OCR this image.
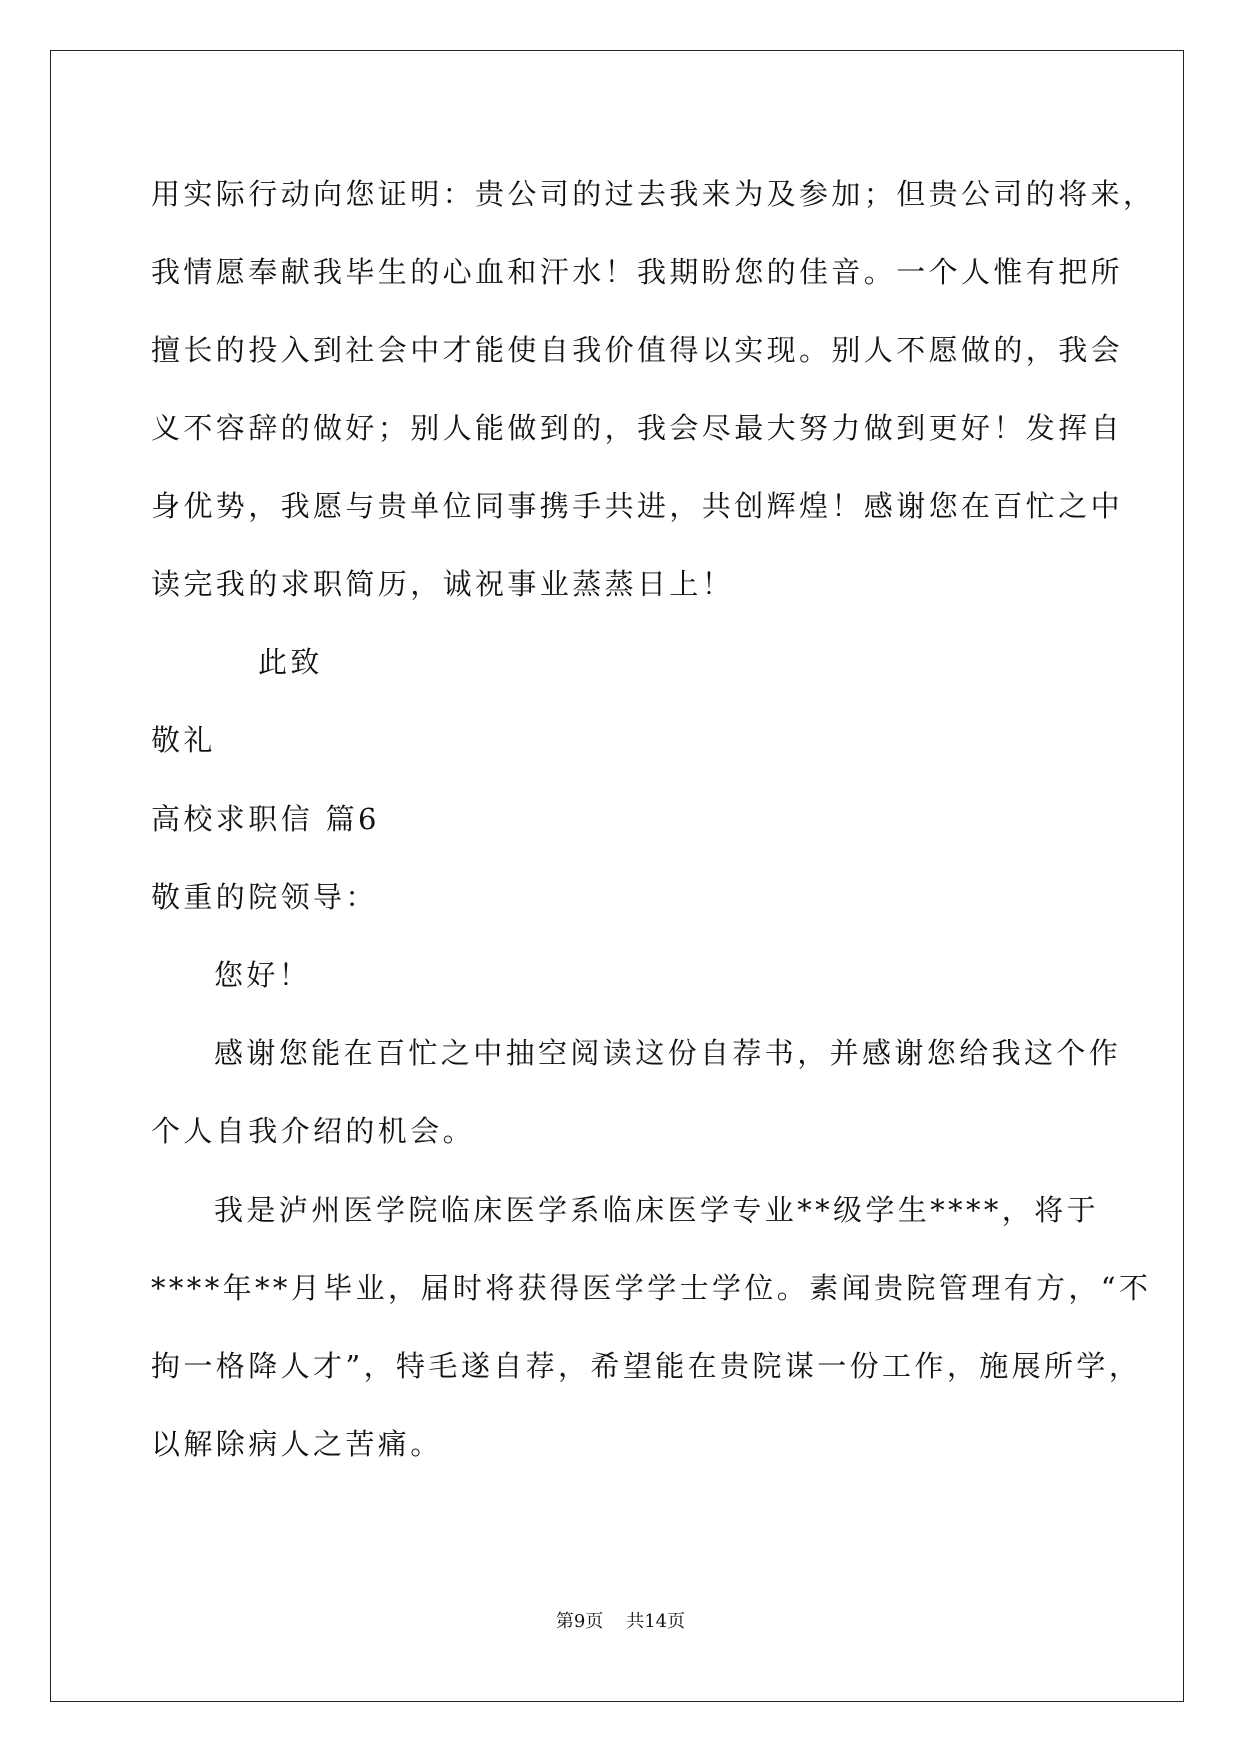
用实际行动向您证明：贵公司的过去我来为及参加；但贵公司的将来，
我情愿奉献我毕生的心血和汗水！我期盼您的佳音。一个人惟有把所
擅长的投入到社会中才能使自我价值得以实现。别人不愿做的，我会
义不容辞的做好；别人能做到的，我会尽最大努力做到更好！发挥自
身优势，我愿与贵单位同事携手共进，共创辉煌！感谢您在百忙之中
读完我的求职简历，诚祝事业蒸蒸日上！
此致
敬礼
高校求职信 篇6
敬重的院领导：
您好！
感谢您能在百忙之中抽空阅读这份自荐书，并感谢您给我这个作
个人自我介绍的机会。
我是泸州医学院临床医学系临床医学专业**级学生****，将于
****年**月毕业，届时将获得医学学士学位。素闻贵院管理有方，“不
拘一格降人才”，特毛遂自荐，希望能在贵院谋一份工作，施展所学，
以解除病人之苦痛。
第9页    共14页
